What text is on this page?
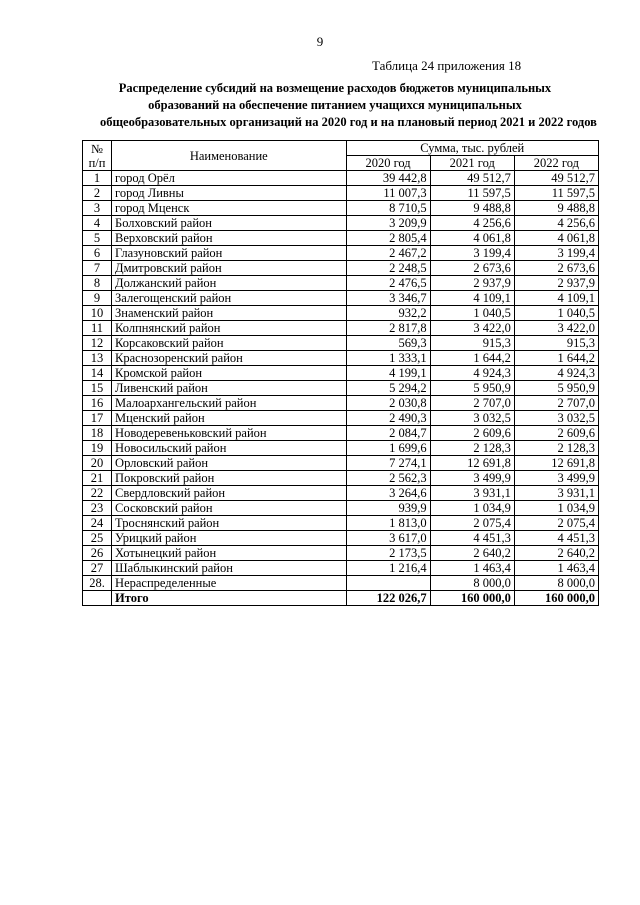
9
Таблица 24 приложения 18
Распределение субсидий на возмещение расходов бюджетов муниципальных
образований на обеспечение питанием учащихся муниципальных
общеобразовательных организаций на 2020 год и на плановый период 2021 и 2022 годов
№
п/п	Наименование	Сумма, тыс. рублей		
		2020 год	2021 год	2022 год
1	город Орёл	39 442,8	49 512,7	49 512,7
2	город Ливны	11 007,3	11 597,5	11 597,5
3	город Мценск	8 710,5	9 488,8	9 488,8
4	Болховский район	3 209,9	4 256,6	4 256,6
5	Верховский район	2 805,4	4 061,8	4 061,8
6	Глазуновский район	2 467,2	3 199,4	3 199,4
7	Дмитровский район	2 248,5	2 673,6	2 673,6
8	Должанский район	2 476,5	2 937,9	2 937,9
9	Залегощенский район	3 346,7	4 109,1	4 109,1
10	Знаменский район	932,2	1 040,5	1 040,5
11	Колпнянский район	2 817,8	3 422,0	3 422,0
12	Корсаковский район	569,3	915,3	915,3
13	Краснозоренский район	1 333,1	1 644,2	1 644,2
14	Кромской район	4 199,1	4 924,3	4 924,3
15	Ливенский район	5 294,2	5 950,9	5 950,9
16	Малоархангельский район	2 030,8	2 707,0	2 707,0
17	Мценский район	2 490,3	3 032,5	3 032,5
18	Новодеревеньковский район	2 084,7	2 609,6	2 609,6
19	Новосильский район	1 699,6	2 128,3	2 128,3
20	Орловский район	7 274,1	12 691,8	12 691,8
21	Покровский район	2 562,3	3 499,9	3 499,9
22	Свердловский район	3 264,6	3 931,1	3 931,1
23	Сосковский район	939,9	1 034,9	1 034,9
24	Троснянский район	1 813,0	2 075,4	2 075,4
25	Урицкий район	3 617,0	4 451,3	4 451,3
26	Хотынецкий район	2 173,5	2 640,2	2 640,2
27	Шаблыкинский район	1 216,4	1 463,4	1 463,4
28.	Нераспределенные		8 000,0	8 000,0
	Итого	122 026,7	160 000,0	160 000,0
